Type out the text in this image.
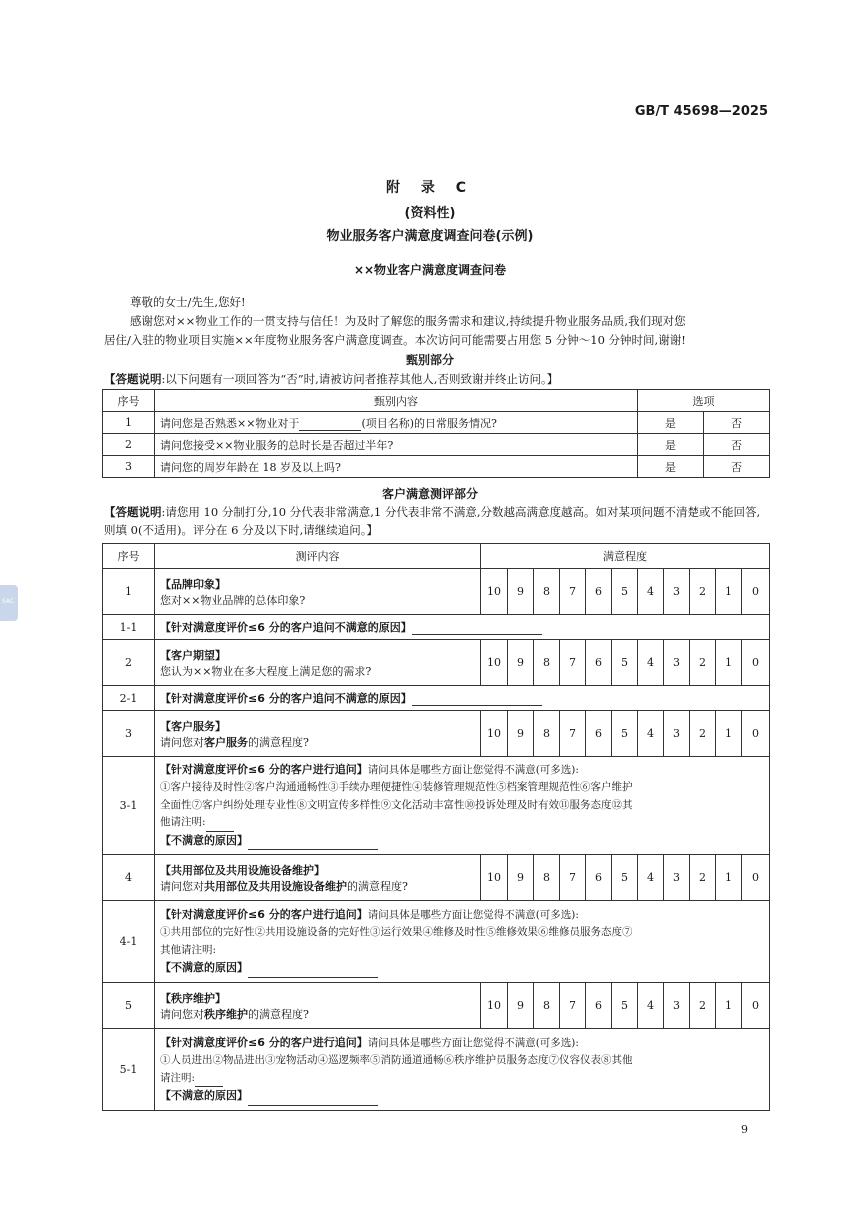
GB/T 45698—2025
附 录 C
(资料性)
物业服务客户满意度调查问卷(示例)
××物业客户满意度调查问卷
尊敬的女士/先生,您好!
感谢您对××物业工作的一贯支持与信任！为及时了解您的服务需求和建议,持续提升物业服务品质,我们现对您
居住/入驻的物业项目实施××年度物业服务客户满意度调查。本次访问可能需要占用您 5 分钟～10 分钟时间,谢谢!
甄别部分
【答题说明:以下问题有一项回答为“否”时,请被访问者推荐其他人,否则致谢并终止访问。】
序号	甄别内容	选项	
1	请问您是否熟悉××物业对于 (项目名称)的日常服务情况?	是	否
2	请问您接受××物业服务的总时长是否超过半年?	是	否
3	请问您的周岁年龄在 18 岁及以上吗?	是	否
客户满意测评部分
【答题说明:请您用 10 分制打分,10 分代表非常满意,1 分代表非常不满意,分数越高满意度越高。如对某项问题不清楚或不能回答,则填 0(不适用)。评分在 6 分及以下时,请继续追问。】
序号	测评内容	满意程度										
1	【品牌印象】
您对××物业品牌的总体印象?	10	9	8	7	6	5	4	3	2	1	0
1-1	【针对满意度评价≤6 分的客户追问不满意的原因】											
2	【客户期望】
您认为××物业在多大程度上满足您的需求?	10	9	8	7	6	5	4	3	2	1	0
2-1	【针对满意度评价≤6 分的客户追问不满意的原因】											
3	【客户服务】
请问您对客户服务的满意程度?	10	9	8	7	6	5	4	3	2	1	0
3-1	【针对满意度评价≤6 分的客户进行追问】请问具体是哪些方面让您觉得不满意(可多选):
①客户接待及时性②客户沟通通畅性③手续办理便捷性④装修管理规范性⑤档案管理规范性⑥客户维护
全面性⑦客户纠纷处理专业性⑧文明宣传多样性⑨文化活动丰富性⑩投诉处理及时有效⑪服务态度⑫其
他请注明:
【不满意的原因】											
4	【共用部位及共用设施设备维护】
请问您对共用部位及共用设施设备维护的满意程度?	10	9	8	7	6	5	4	3	2	1	0
4-1	【针对满意度评价≤6 分的客户进行追问】请问具体是哪些方面让您觉得不满意(可多选):
①共用部位的完好性②共用设施设备的完好性③运行效果④维修及时性⑤维修效果⑥维修员服务态度⑦
其他请注明:
【不满意的原因】											
5	【秩序维护】
请问您对秩序维护的满意程度?	10	9	8	7	6	5	4	3	2	1	0
5-1	【针对满意度评价≤6 分的客户进行追问】请问具体是哪些方面让您觉得不满意(可多选):
①人员进出②物品进出③宠物活动④巡逻频率⑤消防通道通畅⑥秩序维护员服务态度⑦仪容仪表⑧其他
请注明:
【不满意的原因】											
9
SAC
